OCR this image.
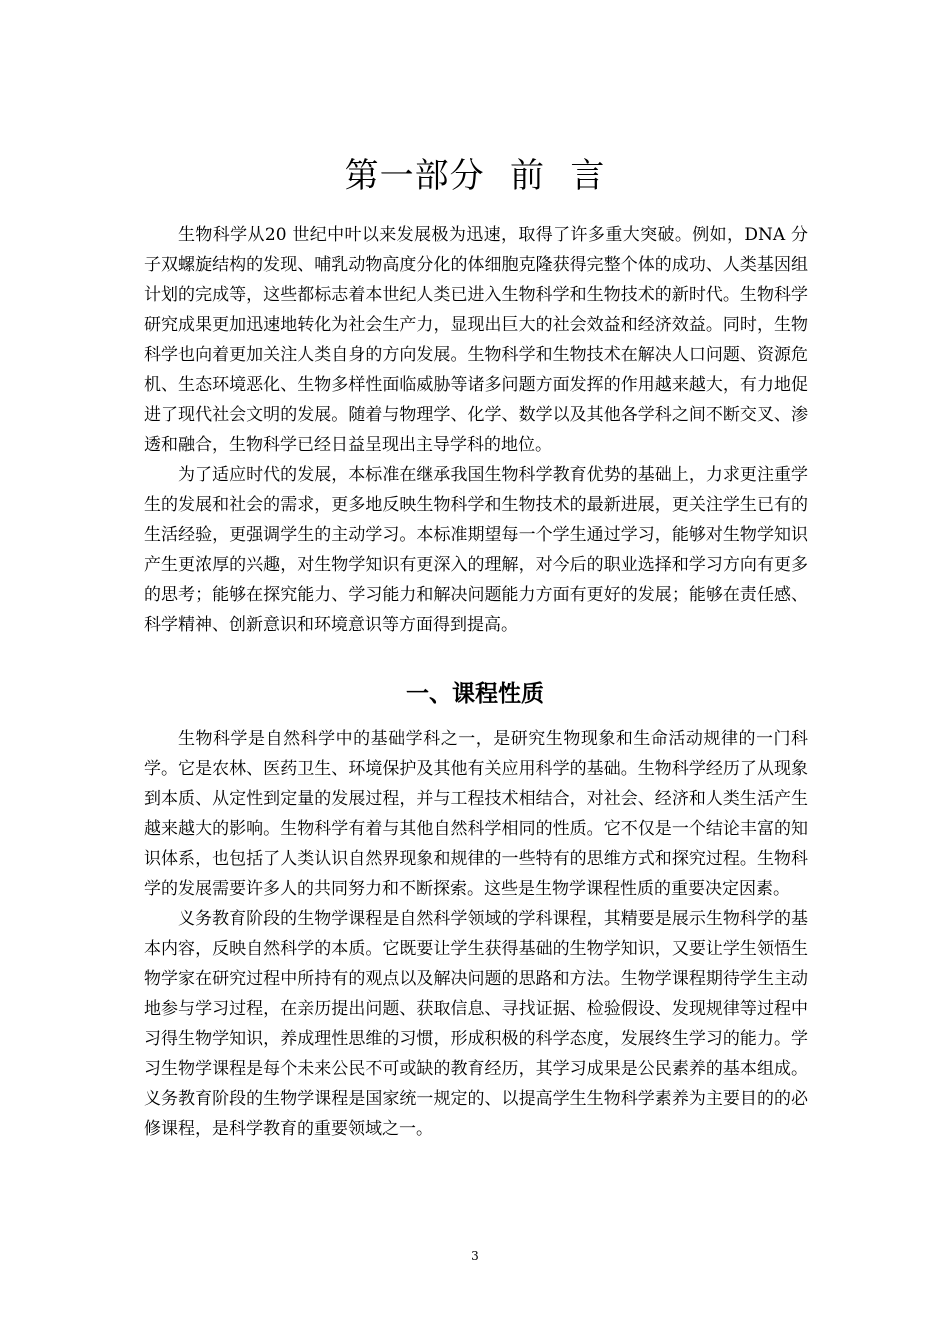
第一部分 前 言

生物科学从20 世纪中叶以来发展极为迅速，取得了许多重大突破。例如，DNA 分子双螺旋结构的发现、哺乳动物高度分化的体细胞克隆获得完整个体的成功、人类基因组计划的完成等，这些都标志着本世纪人类已进入生物科学和生物技术的新时代。生物科学研究成果更加迅速地转化为社会生产力，显现出巨大的社会效益和经济效益。同时，生物科学也向着更加关注人类自身的方向发展。生物科学和生物技术在解决人口问题、资源危机、生态环境恶化、生物多样性面临威胁等诸多问题方面发挥的作用越来越大，有力地促进了现代社会文明的发展。随着与物理学、化学、数学以及其他各学科之间不断交叉、渗透和融合，生物科学已经日益呈现出主导学科的地位。

为了适应时代的发展，本标准在继承我国生物科学教育优势的基础上，力求更注重学生的发展和社会的需求，更多地反映生物科学和生物技术的最新进展，更关注学生已有的生活经验，更强调学生的主动学习。本标准期望每一个学生通过学习，能够对生物学知识产生更浓厚的兴趣，对生物学知识有更深入的理解，对今后的职业选择和学习方向有更多的思考；能够在探究能力、学习能力和解决问题能力方面有更好的发展；能够在责任感、科学精神、创新意识和环境意识等方面得到提高。

一、课程性质

生物科学是自然科学中的基础学科之一，是研究生物现象和生命活动规律的一门科学。它是农林、医药卫生、环境保护及其他有关应用科学的基础。生物科学经历了从现象到本质、从定性到定量的发展过程，并与工程技术相结合，对社会、经济和人类生活产生越来越大的影响。生物科学有着与其他自然科学相同的性质。它不仅是一个结论丰富的知识体系，也包括了人类认识自然界现象和规律的一些特有的思维方式和探究过程。生物科学的发展需要许多人的共同努力和不断探索。这些是生物学课程性质的重要决定因素。

义务教育阶段的生物学课程是自然科学领域的学科课程，其精要是展示生物科学的基本内容，反映自然科学的本质。它既要让学生获得基础的生物学知识，又要让学生领悟生物学家在研究过程中所持有的观点以及解决问题的思路和方法。生物学课程期待学生主动地参与学习过程，在亲历提出问题、获取信息、寻找证据、检验假设、发现规律等过程中习得生物学知识，养成理性思维的习惯，形成积极的科学态度，发展终生学习的能力。学习生物学课程是每个未来公民不可或缺的教育经历，其学习成果是公民素养的基本组成。义务教育阶段的生物学课程是国家统一规定的、以提高学生生物科学素养为主要目的的必修课程，是科学教育的重要领域之一。

3
